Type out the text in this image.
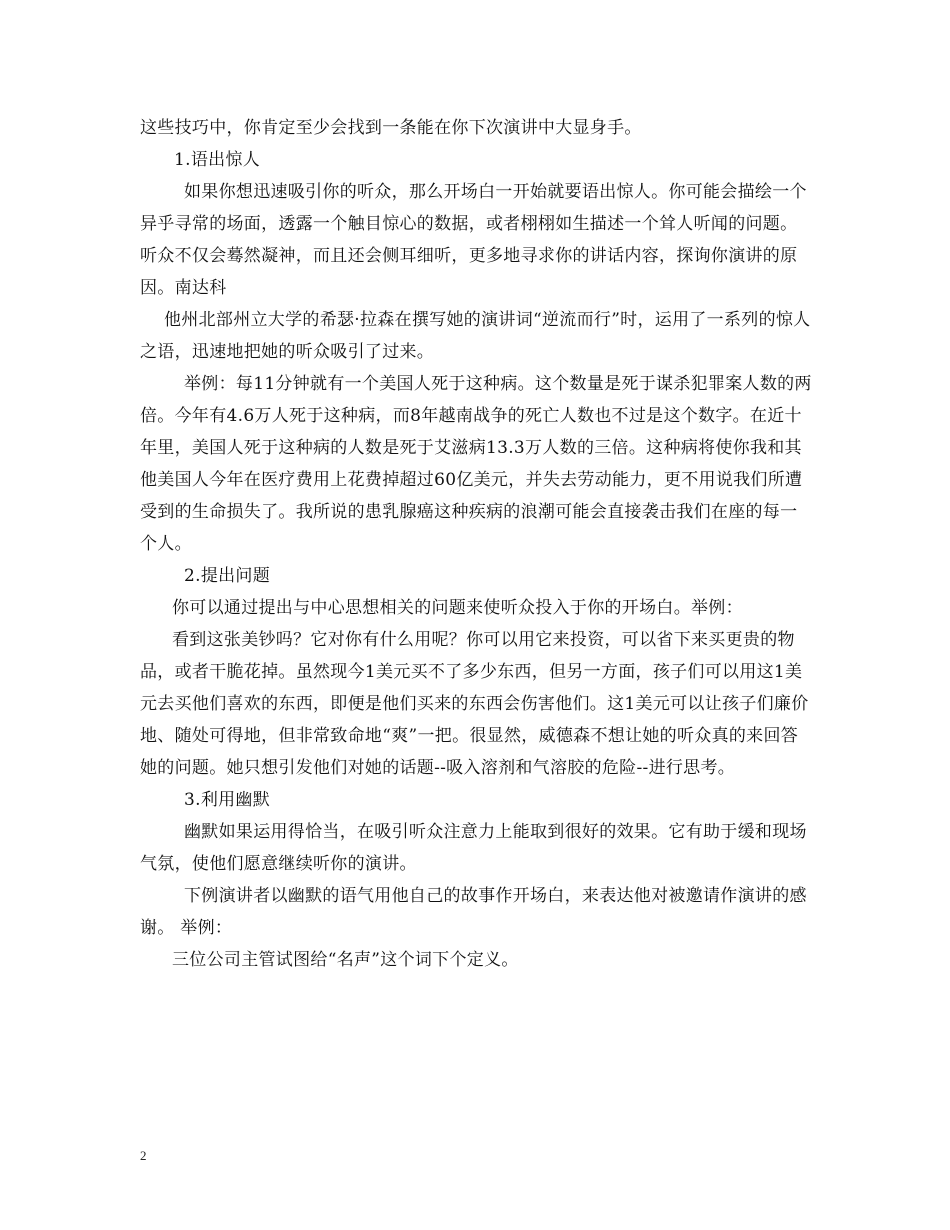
这些技巧中，你肯定至少会找到一条能在你下次演讲中大显身手。

1.语出惊人

如果你想迅速吸引你的听众，那么开场白一开始就要语出惊人。你可能会描绘一个异乎寻常的场面，透露一个触目惊心的数据，或者栩栩如生描述一个耸人听闻的问题。听众不仅会蓦然凝神，而且还会侧耳细听，更多地寻求你的讲话内容，探询你演讲的原因。南达科

他州北部州立大学的希瑟·拉森在撰写她的演讲词“逆流而行”时，运用了一系列的惊人之语，迅速地把她的听众吸引了过来。

举例：每11分钟就有一个美国人死于这种病。这个数量是死于谋杀犯罪案人数的两倍。今年有4.6万人死于这种病，而8年越南战争的死亡人数也不过是这个数字。在近十年里，美国人死于这种病的人数是死于艾滋病13.3万人数的三倍。这种病将使你我和其他美国人今年在医疗费用上花费掉超过60亿美元，并失去劳动能力，更不用说我们所遭受到的生命损失了。我所说的患乳腺癌这种疾病的浪潮可能会直接袭击我们在座的每一个人。

2.提出问题

你可以通过提出与中心思想相关的问题来使听众投入于你的开场白。举例：

看到这张美钞吗？它对你有什么用呢？你可以用它来投资，可以省下来买更贵的物品，或者干脆花掉。虽然现今1美元买不了多少东西，但另一方面，孩子们可以用这1美元去买他们喜欢的东西，即便是他们买来的东西会伤害他们。这1美元可以让孩子们廉价地、随处可得地，但非常致命地“爽”一把。很显然，威德森不想让她的听众真的来回答她的问题。她只想引发他们对她的话题--吸入溶剂和气溶胶的危险--进行思考。

3.利用幽默

幽默如果运用得恰当，在吸引听众注意力上能取到很好的效果。它有助于缓和现场气氛，使他们愿意继续听你的演讲。

下例演讲者以幽默的语气用他自己的故事作开场白，来表达他对被邀请作演讲的感谢。 举例：

三位公司主管试图给“名声”这个词下个定义。

2
